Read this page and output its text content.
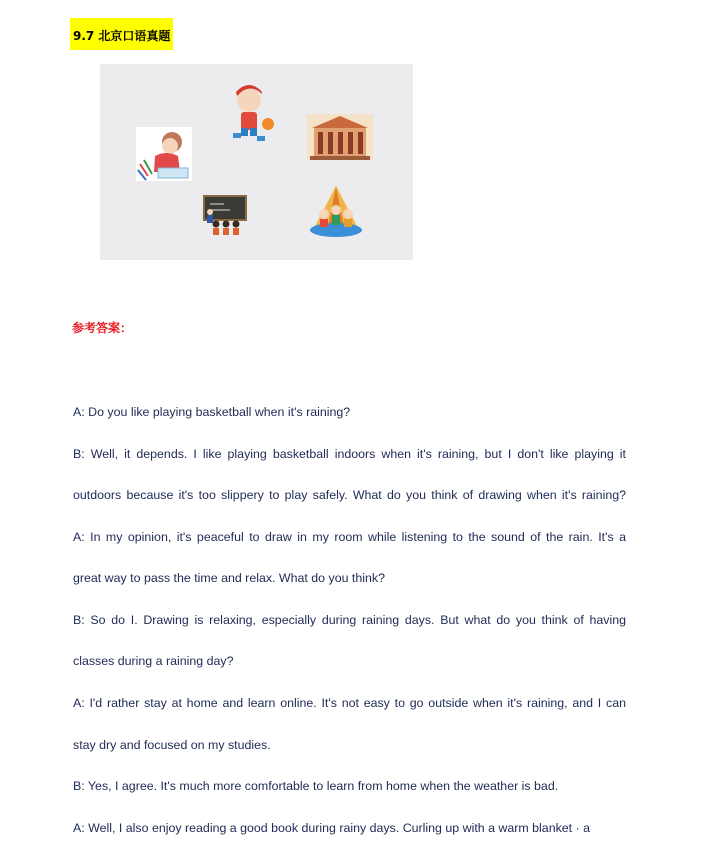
9.7 北京口语真题
参考答案：
A: Do you like playing basketball when it's raining?
B: Well, it depends. I like playing basketball indoors when it's raining, but I don't like playing it
outdoors because it's too slippery to play safely. What do you think of drawing when it's raining?
A: In my opinion, it's peaceful to draw in my room while listening to the sound of the rain. It's a
great way to pass the time and relax. What do you think?
B: So do I. Drawing is relaxing, especially during raining days. But what do you think of having
classes during a raining day?
A: I'd rather stay at home and learn online. It's not easy to go outside when it's raining, and I can
stay dry and focused on my studies.
B: Yes, I agree. It's much more comfortable to learn from home when the weather is bad.
A: Well, I also enjoy reading a good book during rainy days. Curling up with a warm blanket · a
